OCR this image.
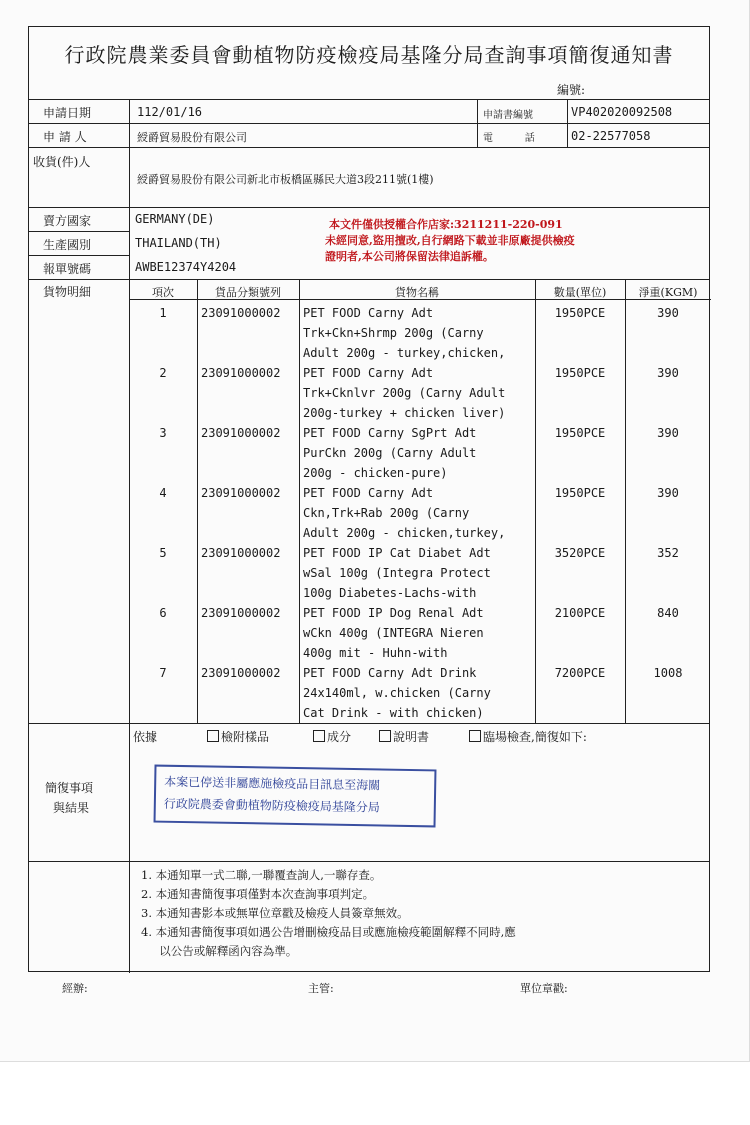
行政院農業委員會動植物防疫檢疫局基隆分局查詢事項簡復通知書
編號:
申請日期	112/01/16	申請書編號	VP402020092508
申 請 人	綬爵貿易股份有限公司	電          話	02-22577058
收貨(件)人
綬爵貿易股份有限公司新北市板橋區縣民大道3段211號(1樓)
賣方國家	GERMANY(DE)
生產國別	THAILAND(TH)
報單號碼	AWBE12374Y4204
本文件僅供授權合作店家:3211211-220-091
未經同意,盜用擅改,自行網路下載並非原廠提供檢疫
證明者,本公司將保留法律追訴權。
貨物明細	項次	貨品分類號列	貨物名稱	數量(單位)	淨重(KGM)
1	23091000002 PET FOOD Carny Adt
Trk+Ckn+Shrmp 200g (Carny
Adult 200g - turkey,chicken,
1950PCE	390
2	23091000002 PET FOOD Carny Adt
Trk+Cknlvr 200g (Carny Adult
200g-turkey + chicken liver)
1950PCE	390
3	23091000002 PET FOOD Carny SgPrt Adt
PurCkn 200g (Carny Adult
200g - chicken-pure)
1950PCE	390
4	23091000002 PET FOOD Carny Adt
Ckn,Trk+Rab 200g (Carny
Adult 200g - chicken,turkey,
1950PCE	390
5	23091000002 PET FOOD IP Cat Diabet Adt
wSal 100g (Integra Protect
100g Diabetes-Lachs-with
3520PCE	352
6	23091000002 PET FOOD IP Dog Renal Adt
wCkn 400g (INTEGRA Nieren
400g mit - Huhn-with
2100PCE	840
7	23091000002 PET FOOD Carny Adt Drink
24x140ml, w.chicken (Carny
Cat Drink - with chicken)
7200PCE	1008
簡復事項
與結果
依據	檢附樣品	成分	說明書	臨場檢查,簡復如下:
本案已停送非屬應施檢疫品目訊息至海關
行政院農委會動植物防疫檢疫局基隆分局
1. 本通知單一式二聯,一聯覆查詢人,一聯存查。
2. 本通知書簡復事項僅對本次查詢事項判定。
3. 本通知書影本或無單位章戳及檢疫人員簽章無效。
4. 本通知書簡復事項如遇公告增刪檢疫品目或應施檢疫範圍解釋不同時,應
以公告或解釋函內容為準。
經辦:	主管:	單位章戳:
